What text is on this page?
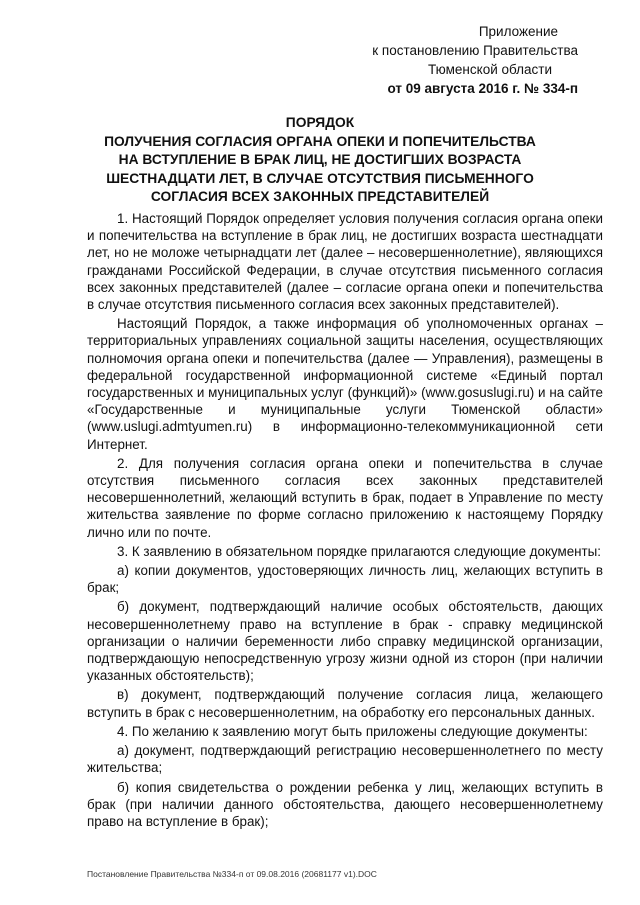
Приложение
к постановлению Правительства
Тюменской области
от 09 августа 2016 г. № 334-п
ПОРЯДОК
ПОЛУЧЕНИЯ СОГЛАСИЯ ОРГАНА ОПЕКИ И ПОПЕЧИТЕЛЬСТВА
НА ВСТУПЛЕНИЕ В БРАК ЛИЦ, НЕ ДОСТИГШИХ ВОЗРАСТА
ШЕСТНАДЦАТИ ЛЕТ, В СЛУЧАЕ ОТСУТСТВИЯ ПИСЬМЕННОГО
СОГЛАСИЯ ВСЕХ ЗАКОННЫХ ПРЕДСТАВИТЕЛЕЙ

1. Настоящий Порядок определяет условия получения согласия органа опеки и попечительства на вступление в брак лиц, не достигших возраста шестнадцати лет, но не моложе четырнадцати лет (далее – несовершеннолетние), являющихся гражданами Российской Федерации, в случае отсутствия письменного согласия всех законных представителей (далее – согласие органа опеки и попечительства в случае отсутствия письменного согласия всех законных представителей).

Настоящий Порядок, а также информация об уполномоченных органах – территориальных управлениях социальной защиты населения, осуществляющих полномочия органа опеки и попечительства (далее — Управления), размещены в федеральной государственной информационной системе «Единый портал государственных и муниципальных услуг (функций)» (www.gosuslugi.ru) и на сайте «Государственные и муниципальные услуги Тюменской области» (www.uslugi.admtyumen.ru) в информационно-телекоммуникационной сети Интернет.

2. Для получения согласия органа опеки и попечительства в случае отсутствия письменного согласия всех законных представителей несовершеннолетний, желающий вступить в брак, подает в Управление по месту жительства заявление по форме согласно приложению к настоящему Порядку лично или по почте.

3. К заявлению в обязательном порядке прилагаются следующие документы:

а) копии документов, удостоверяющих личность лиц, желающих вступить в брак;

б) документ, подтверждающий наличие особых обстоятельств, дающих несовершеннолетнему право на вступление в брак - справку медицинской организации о наличии беременности либо справку медицинской организации, подтверждающую непосредственную угрозу жизни одной из сторон (при наличии указанных обстоятельств);

в) документ, подтверждающий получение согласия лица, желающего вступить в брак с несовершеннолетним, на обработку его персональных данных.

4. По желанию к заявлению могут быть приложены следующие документы:

а) документ, подтверждающий регистрацию несовершеннолетнего по месту жительства;

б) копия свидетельства о рождении ребенка у лиц, желающих вступить в брак (при наличии данного обстоятельства, дающего несовершеннолетнему право на вступление в брак);

Постановление Правительства №334-п от 09.08.2016 (20681177 v1).DOC
